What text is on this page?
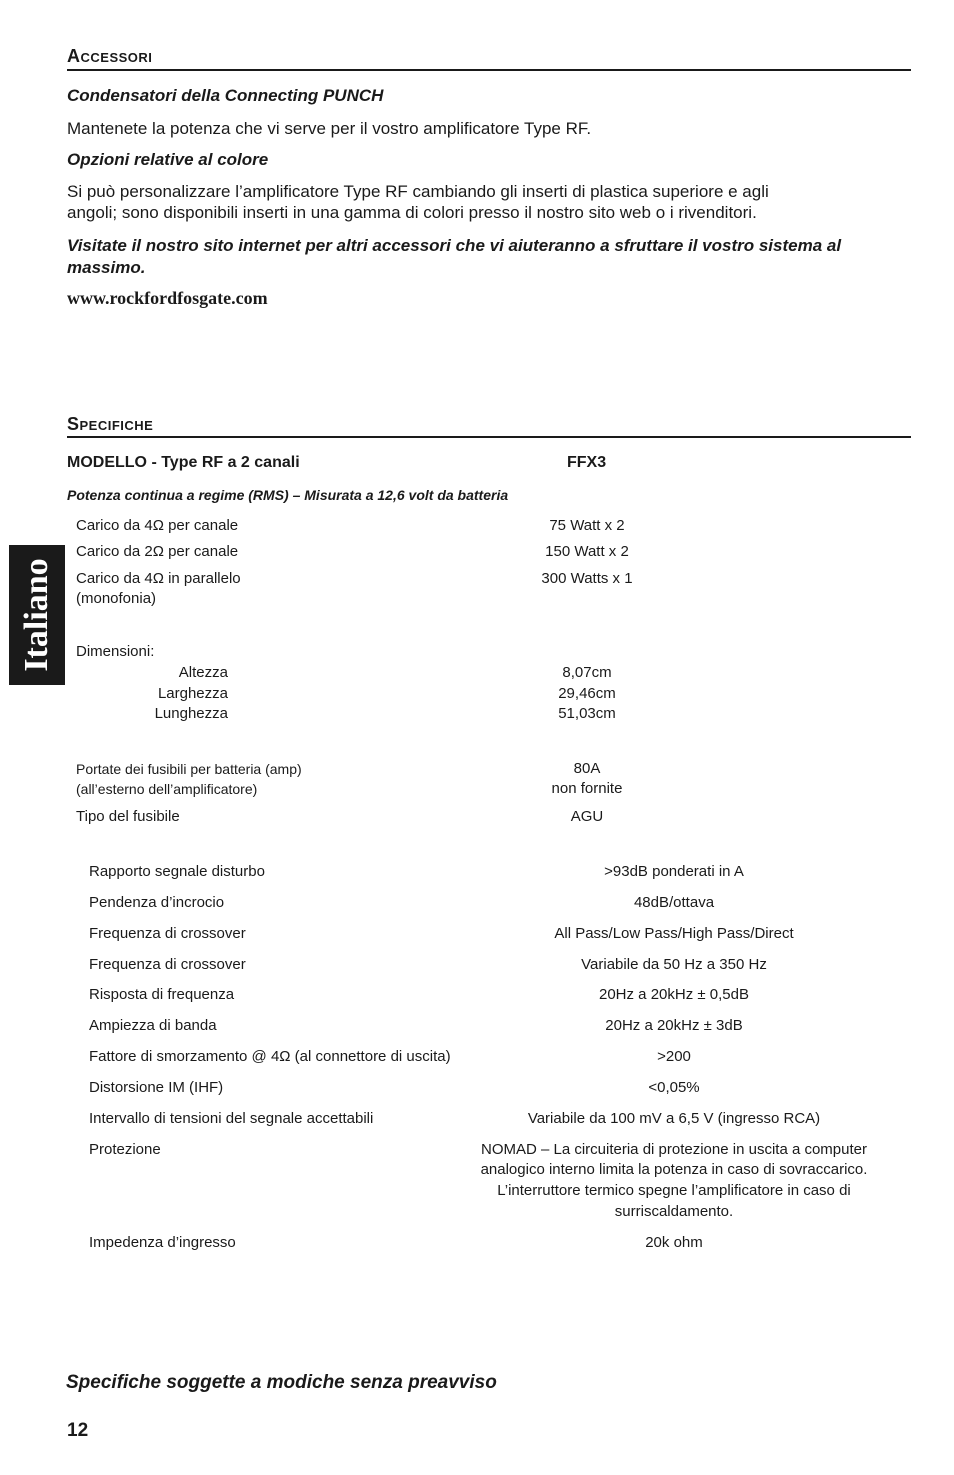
Italiano
Accessori
Condensatori della Connecting PUNCH
Mantenete la potenza che vi serve per il vostro amplificatore Type RF.
Opzioni relative al colore
Si può personalizzare l’amplificatore Type RF cambiando gli inserti di plastica superiore e agli
angoli; sono disponibili inserti in una gamma di colori presso il nostro sito web o i rivenditori.
Visitate il nostro sito internet per altri accessori che vi aiuteranno a sfruttare il vostro sistema al
massimo.
www.rockfordfosgate.com
Specifiche
MODELLO - Type RF a 2 canali	FFX3
Potenza continua a regime (RMS) – Misurata a 12,6 volt da batteria
Carico da 4Ω per canale	75 Watt x 2
Carico da 2Ω per canale	150 Watt x 2
Carico da 4Ω in parallelo
(monofonia)
300 Watts x 1
Dimensioni:
Altezza	8,07cm
Larghezza	29,46cm
Lunghezza	51,03cm
Portate dei fusibili per batteria (amp)	80A
(all’esterno dell’amplificatore)	non fornite
Tipo del fusibile	AGU
Rapporto segnale disturbo	>93dB ponderati in A
Pendenza d’incrocio	48dB/ottava
Frequenza di crossover	All Pass/Low Pass/High Pass/Direct
Frequenza di crossover	Variabile da 50 Hz a 350 Hz
Risposta di frequenza	20Hz a 20kHz ± 0,5dB
Ampiezza di banda	20Hz a 20kHz ± 3dB
Fattore di smorzamento @ 4Ω (al connettore di uscita)	>200
Distorsione IM (IHF)	<0,05%
Intervallo di tensioni del segnale accettabili	Variabile da 100 mV a 6,5 V (ingresso RCA)
Protezione	NOMAD – La circuiteria di protezione in uscita a computer
analogico interno limita la potenza in caso di sovraccarico.
L’interruttore termico spegne l’amplificatore in caso di
surriscaldamento.
Impedenza d’ingresso	20k ohm
Specifiche soggette a modiche senza preavviso
12
